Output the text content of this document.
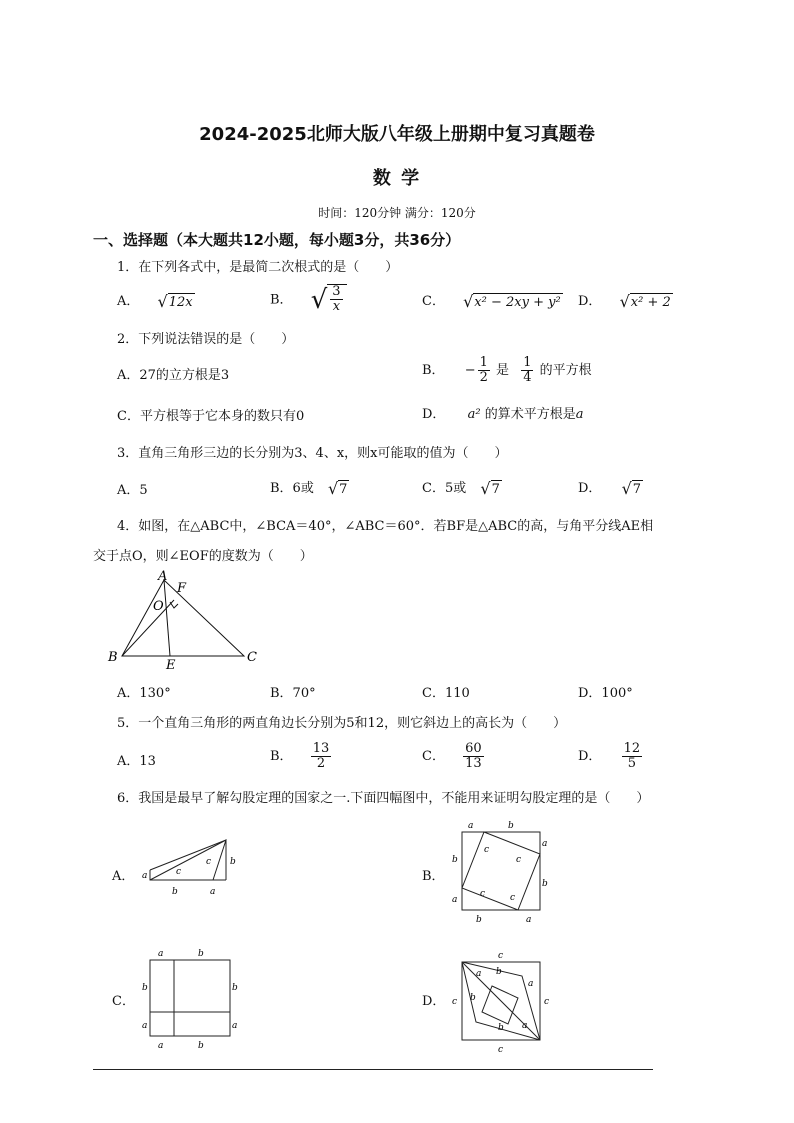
2024-2025北师大版八年级上册期中复习真题卷
数 学
时间：120分钟 满分：120分
一、选择题（本大题共12小题，每小题3分，共36分）
1．在下列各式中，是最简二次根式的是（　　）
A． √ 12x	B． √ $\frac{3}{x}$	C． √ x² − 2xy + y² D． √ x² + 2
2．下列说法错误的是（　　）
A．27的立方根是3	B． − $\frac{1}{2}$ 是 $\frac{1}{4}$ 的平方根
C．平方根等于它本身的数只有0	D． a² 的算术平方根是a
3．直角三角形三边的长分别为3、4、x，则x可能取的值为（　　）
A．5	B．6或 √ 7	C．5或 √ 7	D． √ 7
4．如图，在△ABC中，∠BCA＝40°，∠ABC＝60°．若BF是△ABC的高，与角平分线AE相
交于点O，则∠EOF的度数为（　　）
A
F
O
B
E
C
A．130°	B．70°	C．110	D．100°
5．一个直角三角形的两直角边长分别为5和12，则它斜边上的高长为（　　）
A．13	B． $\frac{13}{2}$	C． $\frac{60}{13}$	D． $\frac{12}{5}$
6．我国是最早了解勾股定理的国家之一.下面四幅图中，不能用来证明勾股定理的是（　　）
A． a
b
c
c b
a
B．
a	b
a
b
b	a
b
a
c
c
c	c
C．
a	b
b
a
b
a
a	b
D．
c
c	c
c
a b
a
b
b a
